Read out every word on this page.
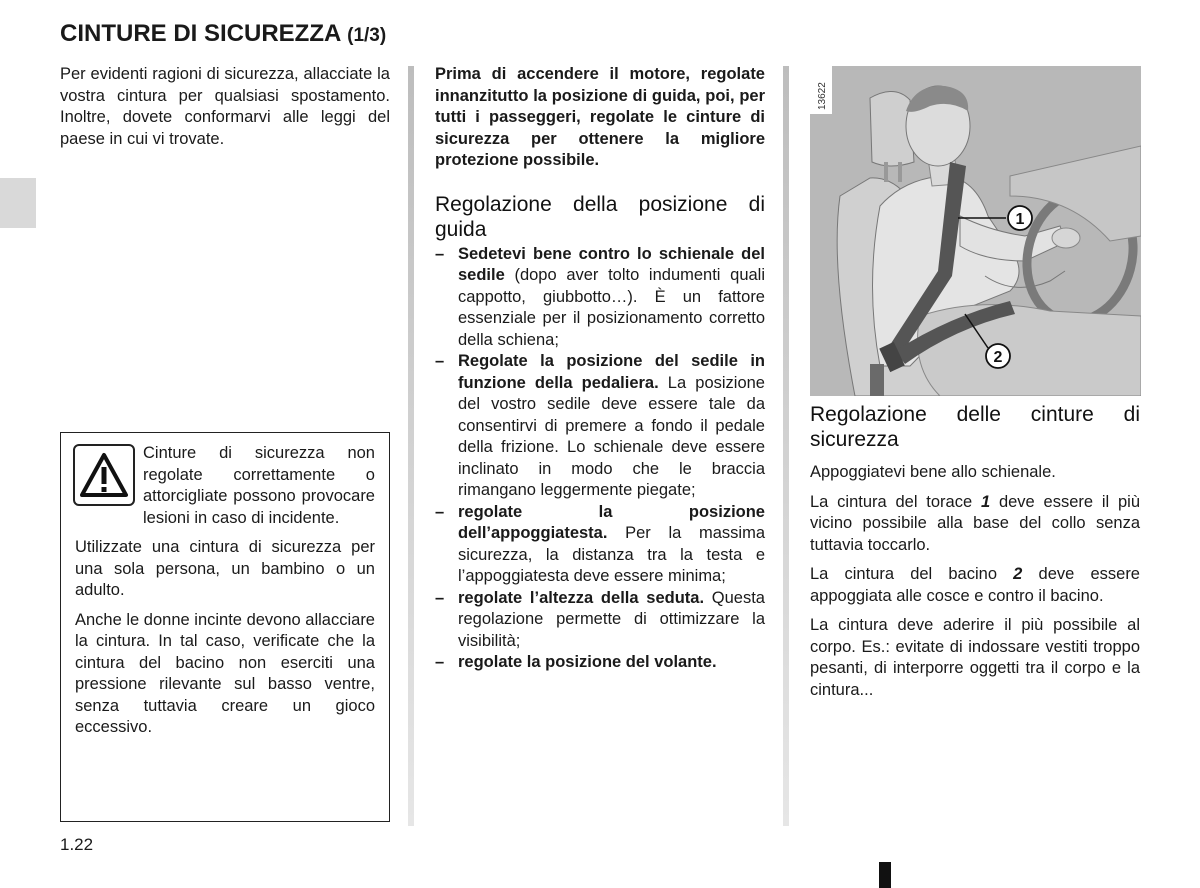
CINTURE DI SICUREZZA (1/3)

Per evidenti ragioni di sicurezza, allacciate la vostra cintura per qualsiasi spostamento. Inoltre, dovete conformarvi alle leggi del paese in cui vi trovate.

Cinture di sicurezza non regolate correttamente o attorcigliate possono provocare lesioni in caso di incidente.

Utilizzate una cintura di sicurezza per una sola persona, un bambino o un adulto.

Anche le donne incinte devono allacciare la cintura. In tal caso, verificate che la cintura del bacino non eserciti una pressione rilevante sul basso ventre, senza tuttavia creare un gioco eccessivo.

Prima di accendere il motore, regolate innanzitutto la posizione di guida, poi, per tutti i passeggeri, regolate le cinture di sicurezza per ottenere la migliore protezione possibile.

Regolazione della posizione di guida
– Sedetevi bene contro lo schienale del sedile (dopo aver tolto indumenti quali cappotto, giubbotto…). È un fattore essenziale per il posizionamento corretto della schiena;
– Regolate la posizione del sedile in funzione della pedaliera. La posizione del vostro sedile deve essere tale da consentirvi di premere a fondo il pedale della frizione. Lo schienale deve essere inclinato in modo che le braccia rimangano leggermente piegate;
– regolate la posizione dell’appoggiatesta. Per la massima sicurezza, la distanza tra la testa e l’appoggiatesta deve essere minima;
– regolate l’altezza della seduta. Questa regolazione permette di ottimizzare la visibilità;
– regolate la posizione del volante.
13622
1
2
Regolazione delle cinture di sicurezza

Appoggiatevi bene allo schienale.

La cintura del torace 1 deve essere il più vicino possibile alla base del collo senza tuttavia toccarlo.

La cintura del bacino 2 deve essere appoggiata alle cosce e contro il bacino.

La cintura deve aderire il più possibile al corpo. Es.: evitate di indossare vestiti troppo pesanti, di interporre oggetti tra il corpo e la cintura...

1.22
